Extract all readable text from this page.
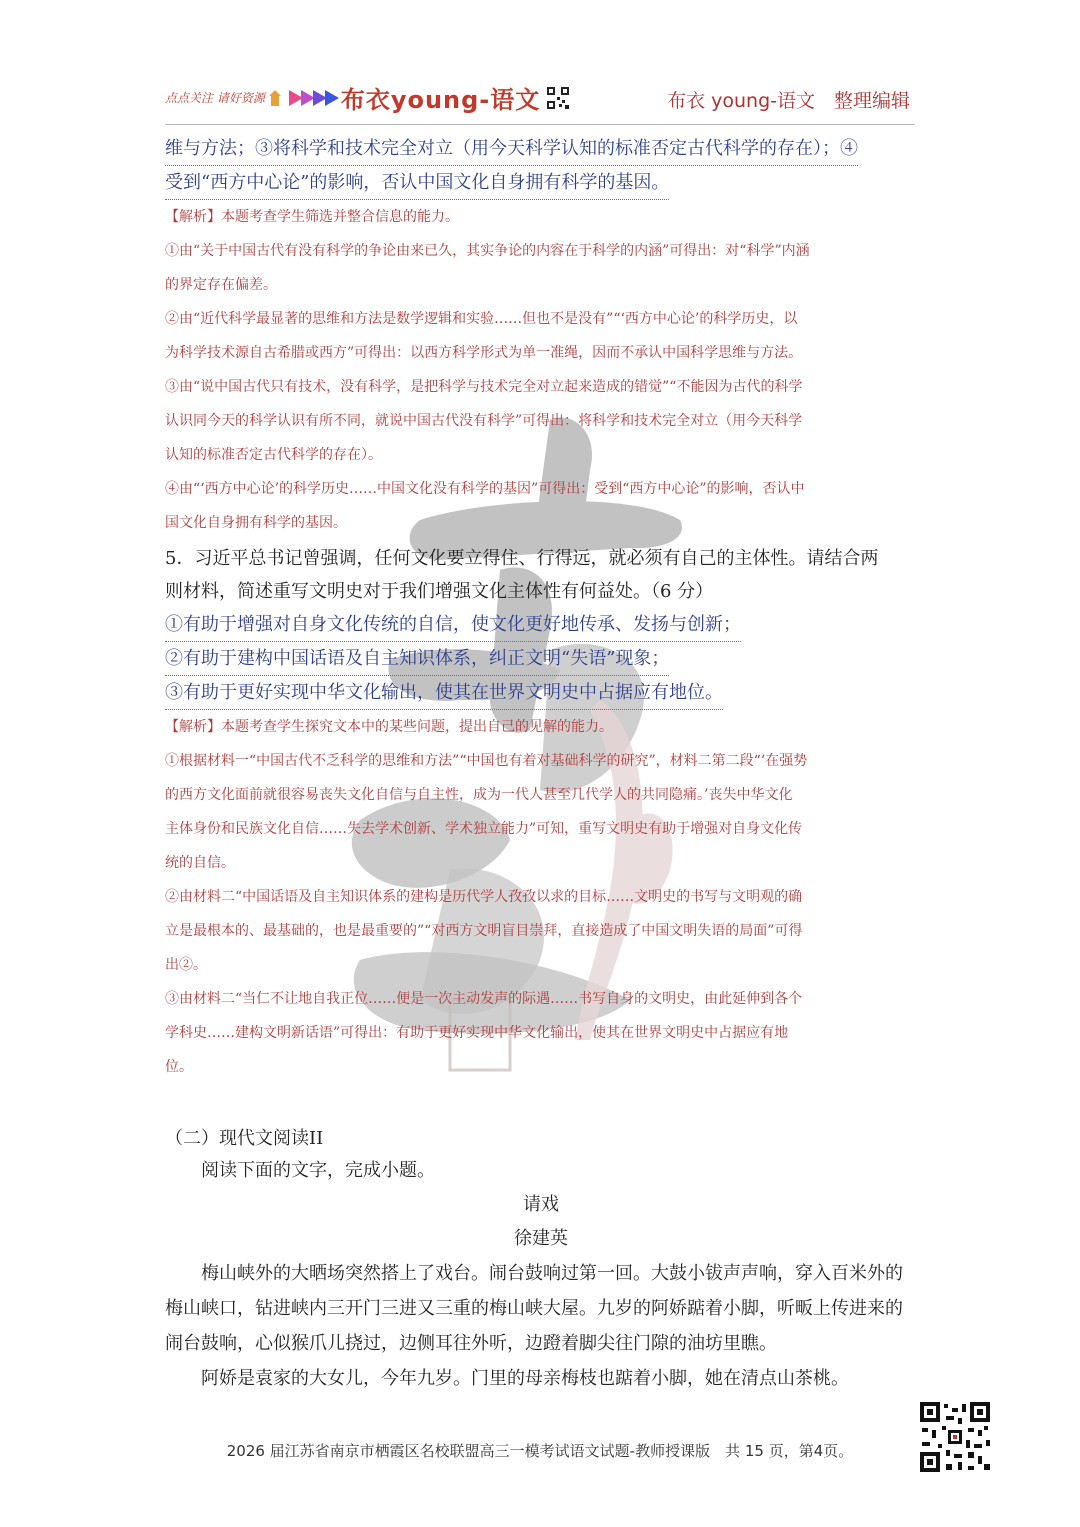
点点关注 请好资源	布衣young-语文	布衣 young-语文　整理编辑
维与方法；③将科学和技术完全对立（用今天科学认知的标准否定古代科学的存在）；④
受到“西方中心论”的影响，否认中国文化自身拥有科学的基因。

【解析】本题考查学生筛选并整合信息的能力。

①由“关于中国古代有没有科学的争论由来已久，其实争论的内容在于科学的内涵”可得出：对“科学”内涵

的界定存在偏差。

②由“近代科学最显著的思维和方法是数学逻辑和实验……但也不是没有”“‘西方中心论’的科学历史，以

为科学技术源自古希腊或西方”可得出：以西方科学形式为单一准绳，因而不承认中国科学思维与方法。

③由“说中国古代只有技术，没有科学，是把科学与技术完全对立起来造成的错觉”“不能因为古代的科学

认识同今天的科学认识有所不同，就说中国古代没有科学”可得出：将科学和技术完全对立（用今天科学

认知的标准否定古代科学的存在）。

④由“‘西方中心论’的科学历史……中国文化没有科学的基因”可得出：受到“西方中心论”的影响，否认中

国文化自身拥有科学的基因。

5．习近平总书记曾强调，任何文化要立得住、行得远，就必须有自己的主体性。请结合两
则材料，简述重写文明史对于我们增强文化主体性有何益处。（6 分）
①有助于增强对自身文化传统的自信，使文化更好地传承、发扬与创新；
②有助于建构中国话语及自主知识体系，纠正文明“失语”现象；
③有助于更好实现中华文化输出，使其在世界文明史中占据应有地位。

【解析】本题考查学生探究文本中的某些问题，提出自己的见解的能力。

①根据材料一“中国古代不乏科学的思维和方法”“中国也有着对基础科学的研究”，材料二第二段“‘在强势

的西方文化面前就很容易丧失文化自信与自主性，成为一代人甚至几代学人的共同隐痛。’丧失中华文化

主体身份和民族文化自信……失去学术创新、学术独立能力”可知，重写文明史有助于增强对自身文化传

统的自信。

②由材料二“中国话语及自主知识体系的建构是历代学人孜孜以求的目标……文明史的书写与文明观的确

立是最根本的、最基础的，也是最重要的”“对西方文明盲目崇拜，直接造成了中国文明失语的局面”可得

出②。

③由材料二“当仁不让地自我正位……便是一次主动发声的际遇……书写自身的文明史，由此延伸到各个

学科史……建构文明新话语”可得出：有助于更好实现中华文化输出，使其在世界文明史中占据应有地

位。

（二）现代文阅读II
阅读下面的文字，完成小题。
请戏
徐建英

梅山峡外的大晒场突然搭上了戏台。闹台鼓响过第一回。大鼓小钹声声响，穿入百米外的梅山峡口，钻进峡内三开门三进又三重的梅山峡大屋。九岁的阿娇踮着小脚，听畈上传进来的闹台鼓响，心似猴爪儿挠过，边侧耳往外听，边蹬着脚尖往门隙的油坊里瞧。

阿娇是袁家的大女儿，今年九岁。门里的母亲梅枝也踮着小脚，她在清点山茶桃。

2026 届江苏省南京市栖霞区名校联盟高三一模考试语文试题-教师授课版　共 15 页，第4页。
